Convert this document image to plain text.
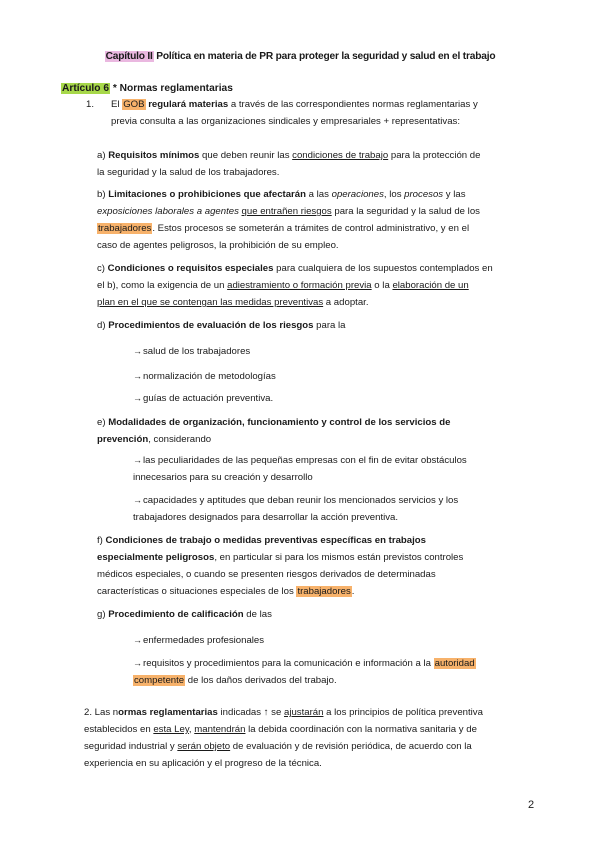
Capítulo II Política en materia de PR para proteger la seguridad y salud en el trabajo
Artículo 6 * Normas reglamentarias
1. El GOB regulará materias a través de las correspondientes normas reglamentarias y
previa consulta a las organizaciones sindicales y empresariales + representativas:
a) Requisitos mínimos que deben reunir las condiciones de trabajo para la protección de
la seguridad y la salud de los trabajadores.
b) Limitaciones o prohibiciones que afectarán a las operaciones, los procesos y las
exposiciones laborales a agentes que entrañen riesgos para la seguridad y la salud de los
trabajadores. Estos procesos se someterán a trámites de control administrativo, y en el
caso de agentes peligrosos, la prohibición de su empleo.
c) Condiciones o requisitos especiales para cualquiera de los supuestos contemplados en
el b), como la exigencia de un adiestramiento o formación previa o la elaboración de un
plan en el que se contengan las medidas preventivas a adoptar.
d) Procedimientos de evaluación de los riesgos para la
→salud de los trabajadores
→normalización de metodologías
→guías de actuación preventiva.
e) Modalidades de organización, funcionamiento y control de los servicios de
prevención, considerando
→las peculiaridades de las pequeñas empresas con el fin de evitar obstáculos
innecesarios para su creación y desarrollo
→capacidades y aptitudes que deban reunir los mencionados servicios y los
trabajadores designados para desarrollar la acción preventiva.
f) Condiciones de trabajo o medidas preventivas específicas en trabajos
especialmente peligrosos, en particular si para los mismos están previstos controles
médicos especiales, o cuando se presenten riesgos derivados de determinadas
características o situaciones especiales de los trabajadores.
g) Procedimiento de calificación de las
→enfermedades profesionales
→requisitos y procedimientos para la comunicación e información a la autoridad
competente de los daños derivados del trabajo.
2. Las normas reglamentarias indicadas ↑ se ajustarán a los principios de política preventiva
establecidos en esta Ley, mantendrán la debida coordinación con la normativa sanitaria y de
seguridad industrial y serán objeto de evaluación y de revisión periódica, de acuerdo con la
experiencia en su aplicación y el progreso de la técnica.
2
